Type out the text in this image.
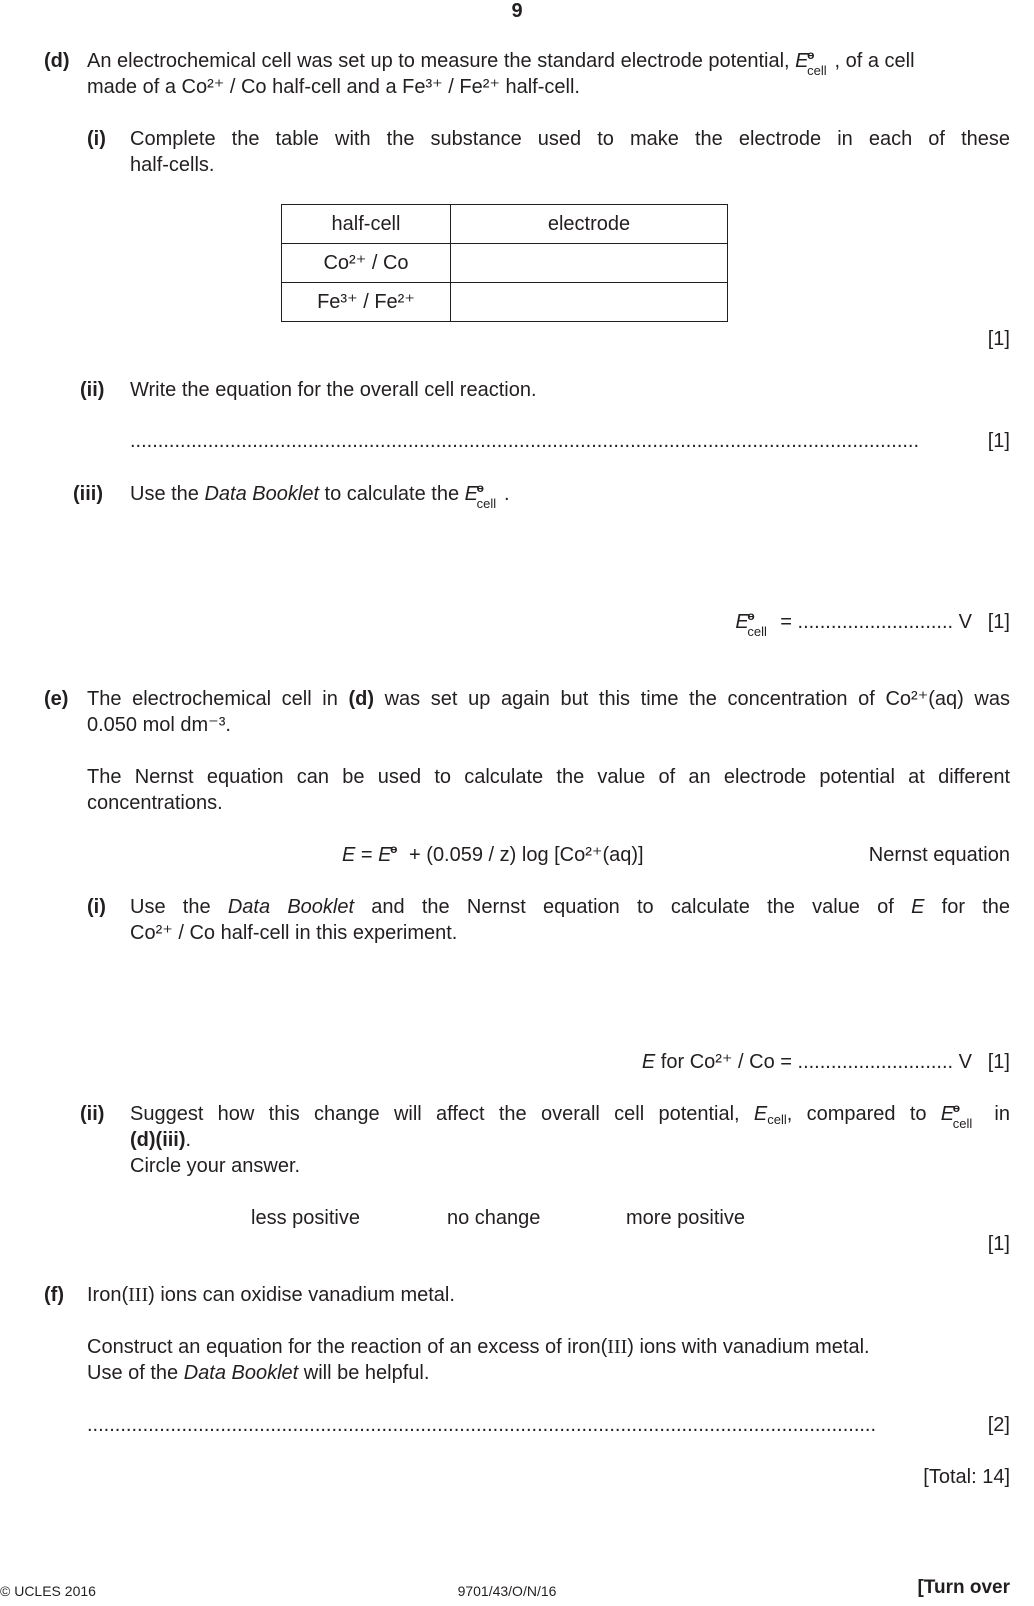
9
(d) An electrochemical cell was set up to measure the standard electrode potential, E
ө
cell , of a cell
made of a Co²⁺ / Co half-cell and a Fe³⁺ / Fe²⁺ half-cell.
(i) Complete the table with the substance used to make the electrode in each of these
half-cells.
half-cell	electrode
Co²⁺ / Co	
Fe³⁺ / Fe²⁺	
[1]
(ii) Write the equation for the overall cell reaction.
..............................................................................................................................................	[1]
(iii) Use the Data Booklet to calculate the E
ө
cell .
E
ө
cell = ............................ V [1]
(e) The electrochemical cell in (d) was set up again but this time the concentration of Co²⁺(aq) was
0.050 mol dm⁻³.
The Nernst equation can be used to calculate the value of an electrode potential at different
concentrations.
E = E
ө + (0.059 / z) log [Co²⁺(aq)]	Nernst equation
(i) Use the Data Booklet and the Nernst equation to calculate the value of E for the
Co²⁺ / Co half-cell in this experiment.
E for Co²⁺ / Co = ............................ V [1]
(ii) Suggest how this change will affect the overall cell potential, $E_{cell}$, compared to E
ө
cell in
(d)(iii).
Circle your answer.
less positive	no change	more positive
[1]
(f) Iron(III) ions can oxidise vanadium metal.
Construct an equation for the reaction of an excess of iron(III) ions with vanadium metal.
Use of the Data Booklet will be helpful.
..............................................................................................................................................	[2]
[Total: 14]
© UCLES 2016	9701/43/O/N/16	[Turn over
